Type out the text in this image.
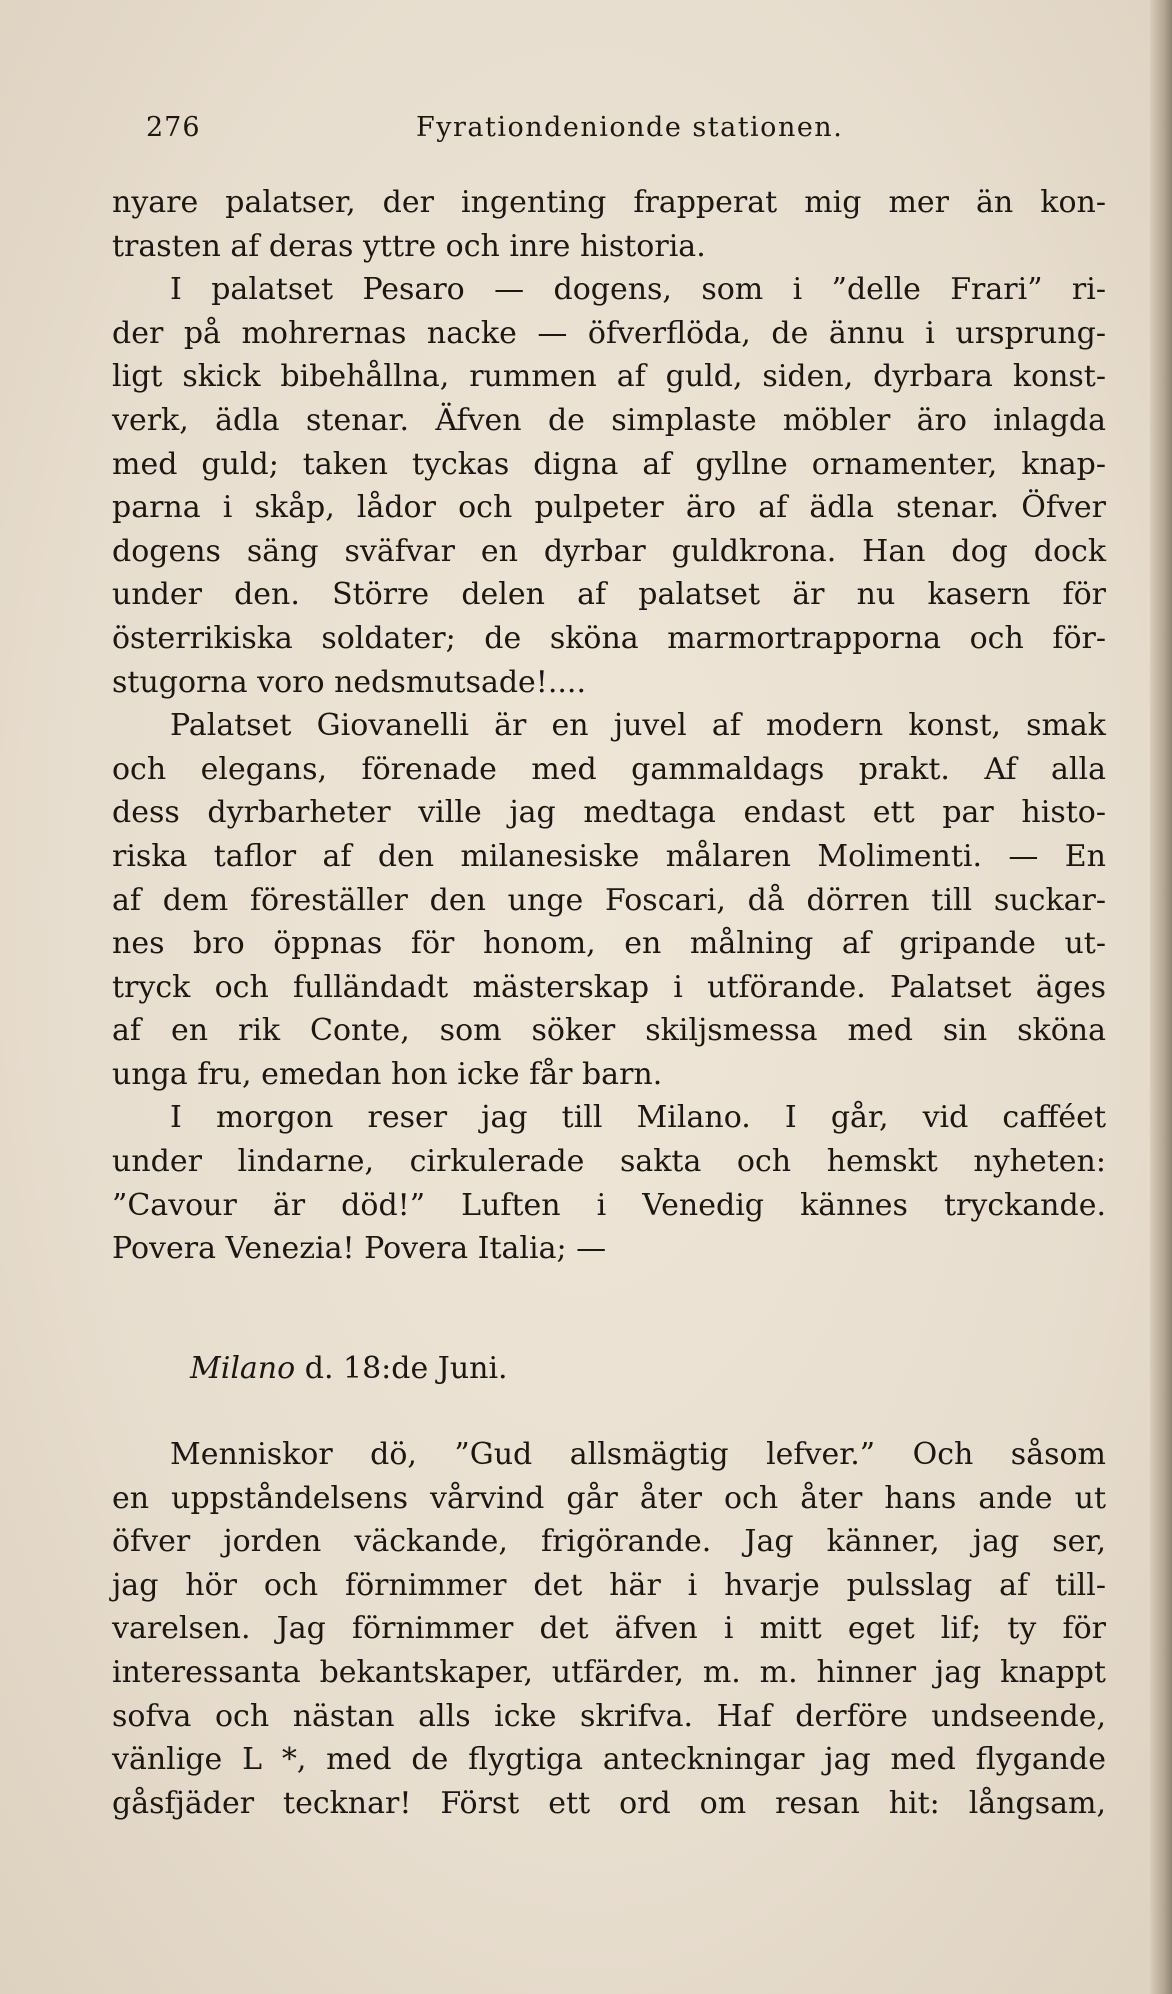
276	Fyrationdenionde stationen.
nyare palatser, der ingenting frapperat mig mer än kon-
trasten af deras yttre och inre historia.
I palatset Pesaro — dogens, som i ”delle Frari” ri-
der på mohrernas nacke — öfverflöda, de ännu i ursprung-
ligt skick bibehållna, rummen af guld, siden, dyrbara konst-
verk, ädla stenar. Äfven de simplaste möbler äro inlagda
med guld; taken tyckas digna af gyllne ornamenter, knap-
parna i skåp, lådor och pulpeter äro af ädla stenar. Öfver
dogens säng sväfvar en dyrbar guldkrona. Han dog dock
under den. Större delen af palatset är nu kasern för
österrikiska soldater; de sköna marmortrapporna och för-
stugorna voro nedsmutsade!....
Palatset Giovanelli är en juvel af modern konst, smak
och elegans, förenade med gammaldags prakt. Af alla
dess dyrbarheter ville jag medtaga endast ett par histo-
riska taflor af den milanesiske målaren Molimenti. — En
af dem föreställer den unge Foscari, då dörren till suckar-
nes bro öppnas för honom, en målning af gripande ut-
tryck och fulländadt mästerskap i utförande. Palatset äges
af en rik Conte, som söker skiljsmessa med sin sköna
unga fru, emedan hon icke får barn.
I morgon reser jag till Milano. I går, vid cafféet
under lindarne, cirkulerade sakta och hemskt nyheten:
”Cavour är död!” Luften i Venedig kännes tryckande.
Povera Venezia! Povera Italia; —
Milano d. 18:de Juni.
Menniskor dö, ”Gud allsmägtig lefver.” Och såsom
en uppståndelsens vårvind går åter och åter hans ande ut
öfver jorden väckande, frigörande. Jag känner, jag ser,
jag hör och förnimmer det här i hvarje pulsslag af till-
varelsen. Jag förnimmer det äfven i mitt eget lif; ty för
interessanta bekantskaper, utfärder, m. m. hinner jag knappt
sofva och nästan alls icke skrifva. Haf derföre undseende,
vänlige L *, med de flygtiga anteckningar jag med flygande
gåsfjäder tecknar! Först ett ord om resan hit: långsam,
